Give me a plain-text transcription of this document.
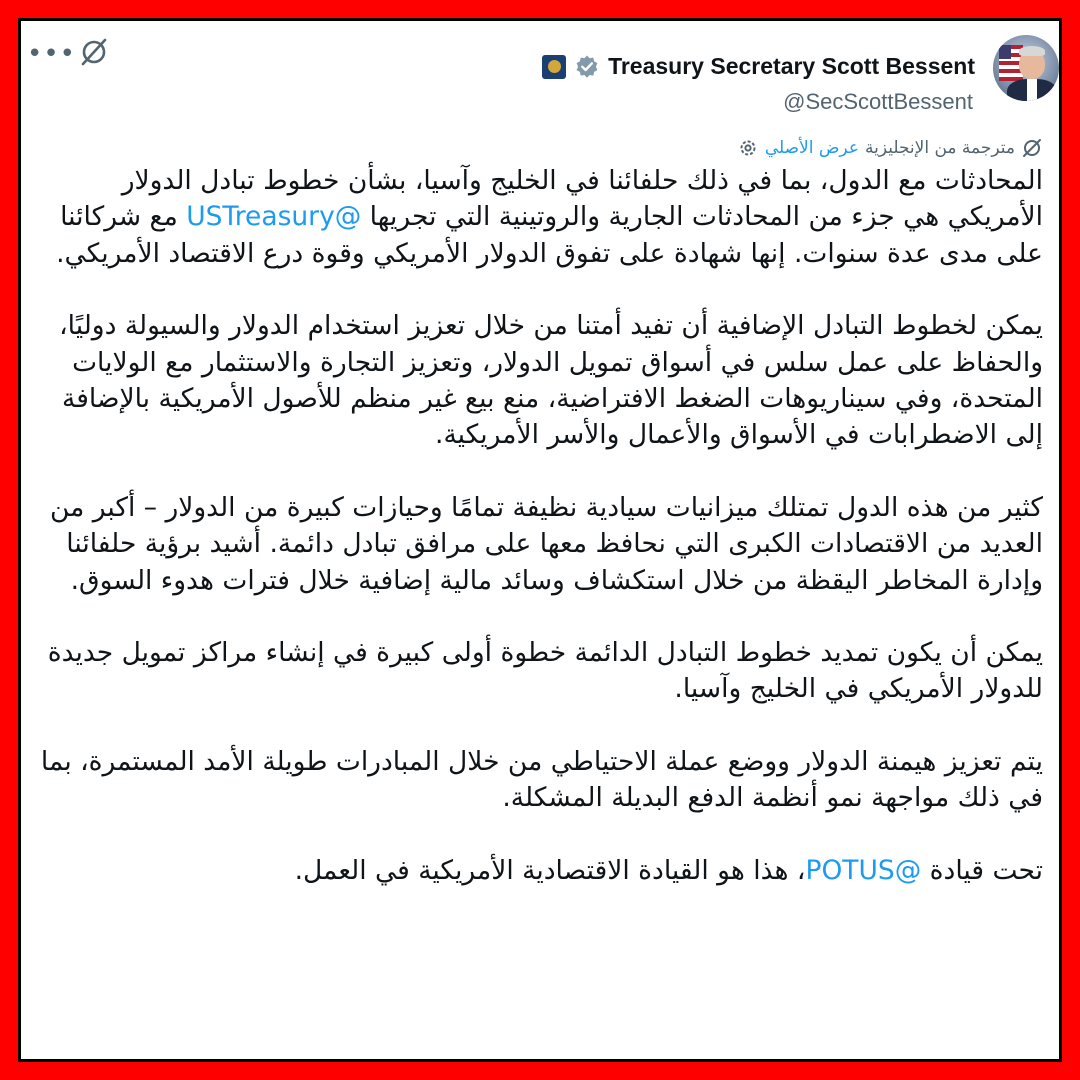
•••	Treasury Secretary Scott Bessent
@SecScottBessent
مترجمة من الإنجليزية
عرض الأصلي

المحادثات مع الدول، بما في ذلك حلفائنا في الخليج وآسيا، بشأن خطوط تبادل الدولار الأمريكي هي جزء من المحادثات الجارية والروتينية التي تجريها @USTreasury مع شركائنا على مدى عدة سنوات. إنها شهادة على تفوق الدولار الأمريكي وقوة درع الاقتصاد الأمريكي.

يمكن لخطوط التبادل الإضافية أن تفيد أمتنا من خلال تعزيز استخدام الدولار والسيولة دوليًا، والحفاظ على عمل سلس في أسواق تمويل الدولار، وتعزيز التجارة والاستثمار مع الولايات المتحدة، وفي سيناريوهات الضغط الافتراضية، منع بيع غير منظم للأصول الأمريكية بالإضافة إلى الاضطرابات في الأسواق والأعمال والأسر الأمريكية.

كثير من هذه الدول تمتلك ميزانيات سيادية نظيفة تمامًا وحيازات كبيرة من الدولار – أكبر من العديد من الاقتصادات الكبرى التي نحافظ معها على مرافق تبادل دائمة. أشيد برؤية حلفائنا وإدارة المخاطر اليقظة من خلال استكشاف وسائد مالية إضافية خلال فترات هدوء السوق.

يمكن أن يكون تمديد خطوط التبادل الدائمة خطوة أولى كبيرة في إنشاء مراكز تمويل جديدة للدولار الأمريكي في الخليج وآسيا.

يتم تعزيز هيمنة الدولار ووضع عملة الاحتياطي من خلال المبادرات طويلة الأمد المستمرة، بما في ذلك مواجهة نمو أنظمة الدفع البديلة المشكلة.

تحت قيادة @POTUS، هذا هو القيادة الاقتصادية الأمريكية في العمل.
